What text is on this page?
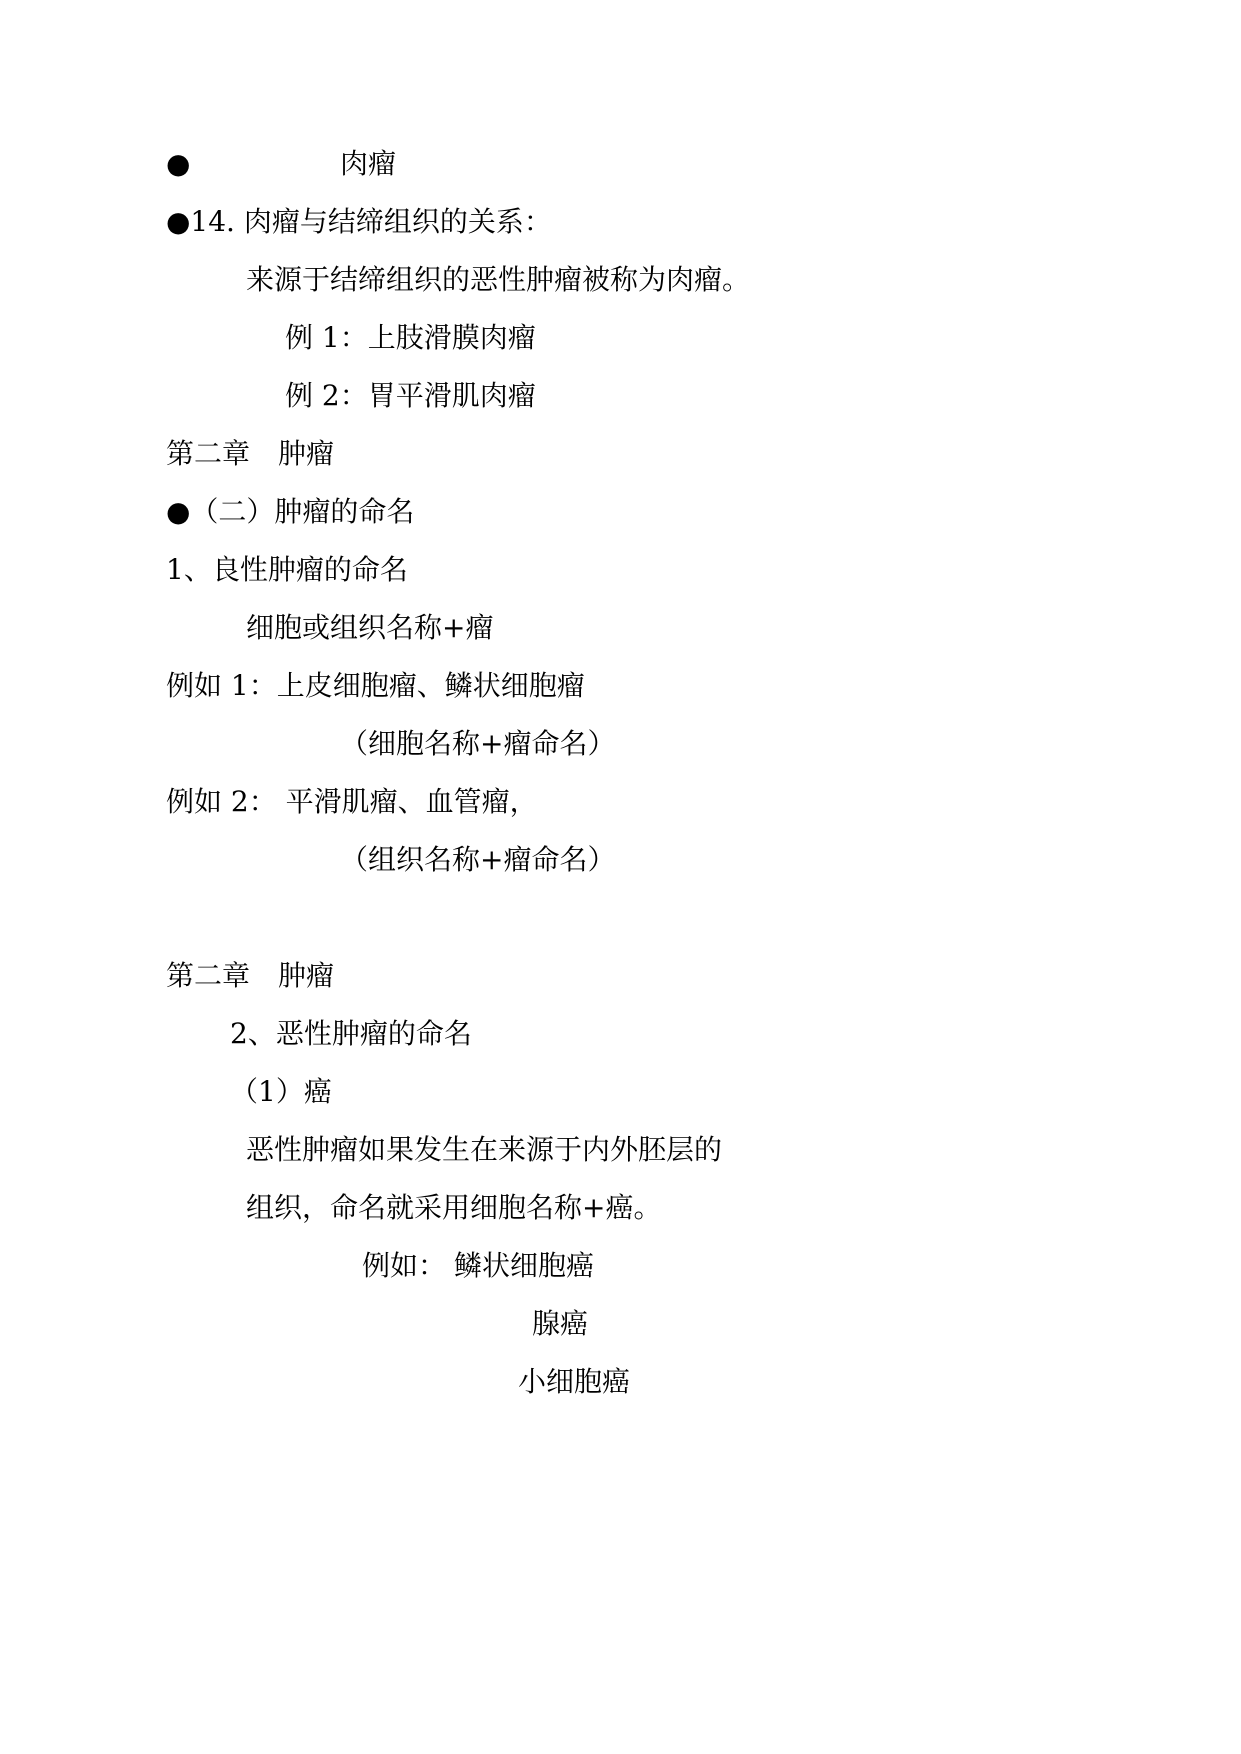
●	肉瘤
●14. 肉瘤与结缔组织的关系：
来源于结缔组织的恶性肿瘤被称为肉瘤。
例 1：上肢滑膜肉瘤
例 2：胃平滑肌肉瘤
第二章　肿瘤
●（二）肿瘤的命名
1、良性肿瘤的命名
细胞或组织名称+瘤
例如 1：上皮细胞瘤、鳞状细胞瘤
（细胞名称+瘤命名）
例如 2： 平滑肌瘤、血管瘤，
（组织名称+瘤命名）
第二章　肿瘤
2、恶性肿瘤的命名
（1）癌
恶性肿瘤如果发生在来源于内外胚层的
组织，命名就采用细胞名称+癌。
例如： 鳞状细胞癌
腺癌
小细胞癌
